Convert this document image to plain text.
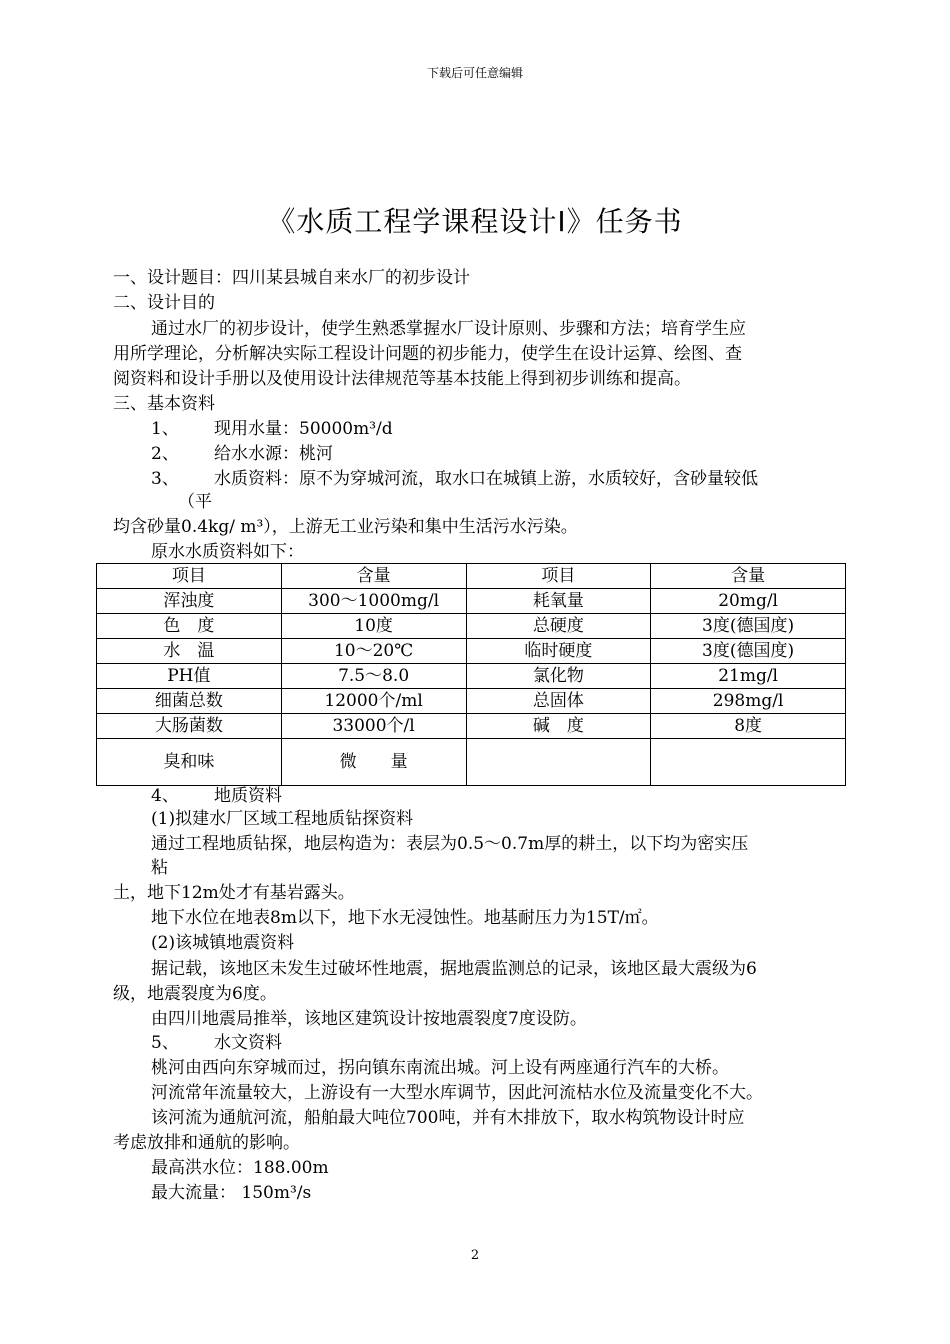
下载后可任意编辑
《水质工程学课程设计I》任务书
一、设计题目：四川某县城自来水厂的初步设计
二、设计目的
通过水厂的初步设计，使学生熟悉掌握水厂设计原则、步骤和方法；培育学生应
用所学理论，分析解决实际工程设计问题的初步能力，使学生在设计运算、绘图、查
阅资料和设计手册以及使用设计法律规范等基本技能上得到初步训练和提高。
三、基本资料
1、 现用水量：50000m³/d
2、 给水水源：桃河
3、 水质资料：原不为穿城河流，取水口在城镇上游，水质较好，含砂量较低
（平
均含砂量0.4kg/ m³），上游无工业污染和集中生活污水污染。
原水水质资料如下：
项目	含量	项目	含量
浑浊度	300～1000mg/l	耗氧量	20mg/l
色　度	10度	总硬度	3度(德国度)
水　温	10～20℃	临时硬度	3度(德国度)
PH值	7.5～8.0	氯化物	21mg/l
细菌总数	12000个/ml	总固体	298mg/l
大肠菌数	33000个/l	碱　度	8度
臭和味	微　　量		
4、 地质资料
(1)拟建水厂区域工程地质钻探资料
通过工程地质钻探，地层构造为：表层为0.5～0.7m厚的耕土，以下均为密实压
粘
土，地下12m处才有基岩露头。
地下水位在地表8m以下，地下水无浸蚀性。地基耐压力为15T/㎡。
(2)该城镇地震资料
据记载，该地区未发生过破坏性地震，据地震监测总的记录，该地区最大震级为6
级，地震裂度为6度。
由四川地震局推举，该地区建筑设计按地震裂度7度设防。
5、 水文资料
桃河由西向东穿城而过，拐向镇东南流出城。河上设有两座通行汽车的大桥。
河流常年流量较大，上游设有一大型水库调节，因此河流枯水位及流量变化不大。
该河流为通航河流，船舶最大吨位700吨，并有木排放下，取水构筑物设计时应
考虑放排和通航的影响。
最高洪水位：188.00m
最大流量： 150m³/s
2
